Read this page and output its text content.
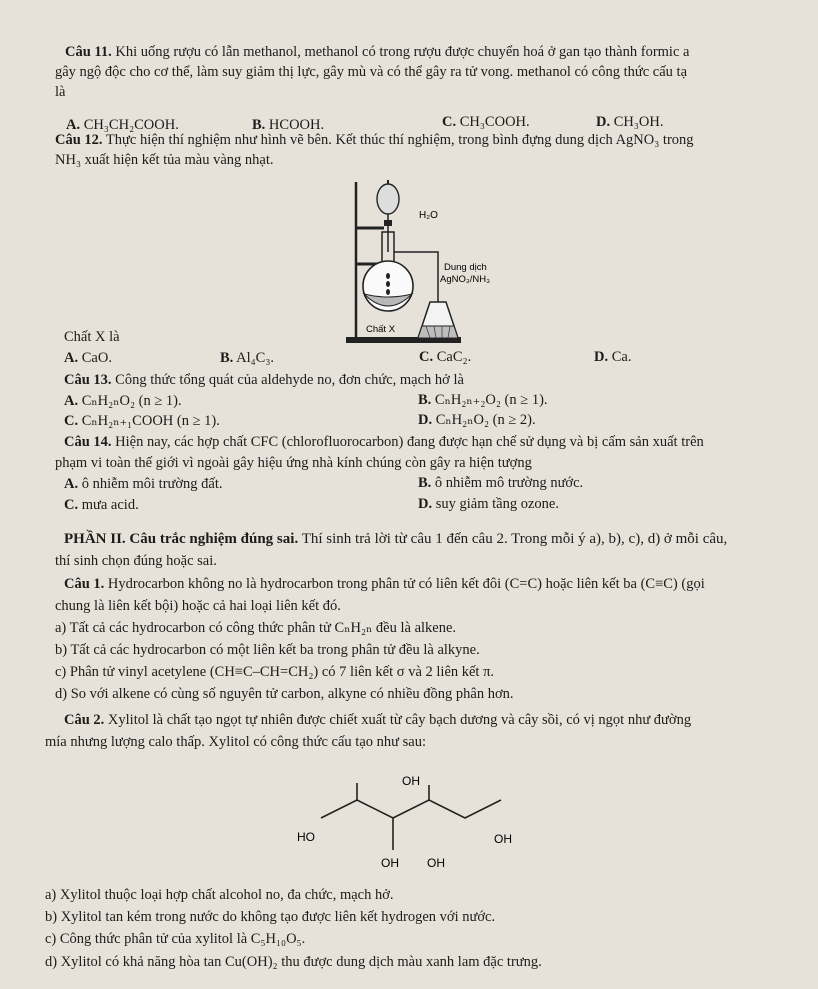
Câu 11. Khi uống rượu có lẫn methanol, methanol có trong rượu được chuyển hoá ở gan tạo thành formic a
gây ngộ độc cho cơ thể, làm suy giảm thị lực, gây mù và có thể gây ra tử vong. methanol có công thức cấu tạ
là
A. CH₃CH₂COOH.	B. HCOOH.	C. CH₃COOH.	D. CH₃OH.
Câu 12. Thực hiện thí nghiệm như hình vẽ bên. Kết thúc thí nghiệm, trong bình đựng dung dịch AgNO₃ trong
NH₃ xuất hiện kết tủa màu vàng nhạt.
H₂O
Dung dịch
AgNO₃/NH₃
Chất X
Chất X là
A. CaO.	B. Al₄C₃.	C. CaC₂.	D. Ca.
Câu 13. Công thức tổng quát của aldehyde no, đơn chức, mạch hở là
A. CₙH₂ₙO₂ (n ≥ 1).	B. CₙH₂ₙ₊₂O₂ (n ≥ 1).
C. CₙH₂ₙ₊₁COOH (n ≥ 1).	D. CₙH₂ₙO₂ (n ≥ 2).
Câu 14. Hiện nay, các hợp chất CFC (chlorofluorocarbon) đang được hạn chế sử dụng và bị cấm sản xuất trên
phạm vi toàn thế giới vì ngoài gây hiệu ứng nhà kính chúng còn gây ra hiện tượng
A. ô nhiễm môi trường đất.	B. ô nhiễm mô trường nước.
C. mưa acid.	D. suy giảm tầng ozone.
PHẦN II. Câu trắc nghiệm đúng sai. Thí sinh trả lời từ câu 1 đến câu 2. Trong mỗi ý a), b), c), d) ở mỗi câu,
thí sinh chọn đúng hoặc sai.
Câu 1. Hydrocarbon không no là hydrocarbon trong phân tử có liên kết đôi (C=C) hoặc liên kết ba (C≡C) (gọi
chung là liên kết bội) hoặc cả hai loại liên kết đó.
a) Tất cả các hydrocarbon có công thức phân tử CₙH₂ₙ đều là alkene.
b) Tất cả các hydrocarbon có một liên kết ba trong phân tử đều là alkyne.
c) Phân tử vinyl acetylene (CH≡C–CH=CH₂) có 7 liên kết σ và 2 liên kết π.
d) So với alkene có cùng số nguyên tử carbon, alkyne có nhiều đồng phân hơn.
Câu 2. Xylitol là chất tạo ngọt tự nhiên được chiết xuất từ cây bạch dương và cây sồi, có vị ngọt như đường
mía nhưng lượng calo thấp. Xylitol có công thức cấu tạo như sau:
OH
HO	OH
OH OH
a) Xylitol thuộc loại hợp chất alcohol no, đa chức, mạch hở.
b) Xylitol tan kém trong nước do không tạo được liên kết hydrogen với nước.
c) Công thức phân tử của xylitol là C₅H₁₀O₅.
d) Xylitol có khả năng hòa tan Cu(OH)₂ thu được dung dịch màu xanh lam đặc trưng.
